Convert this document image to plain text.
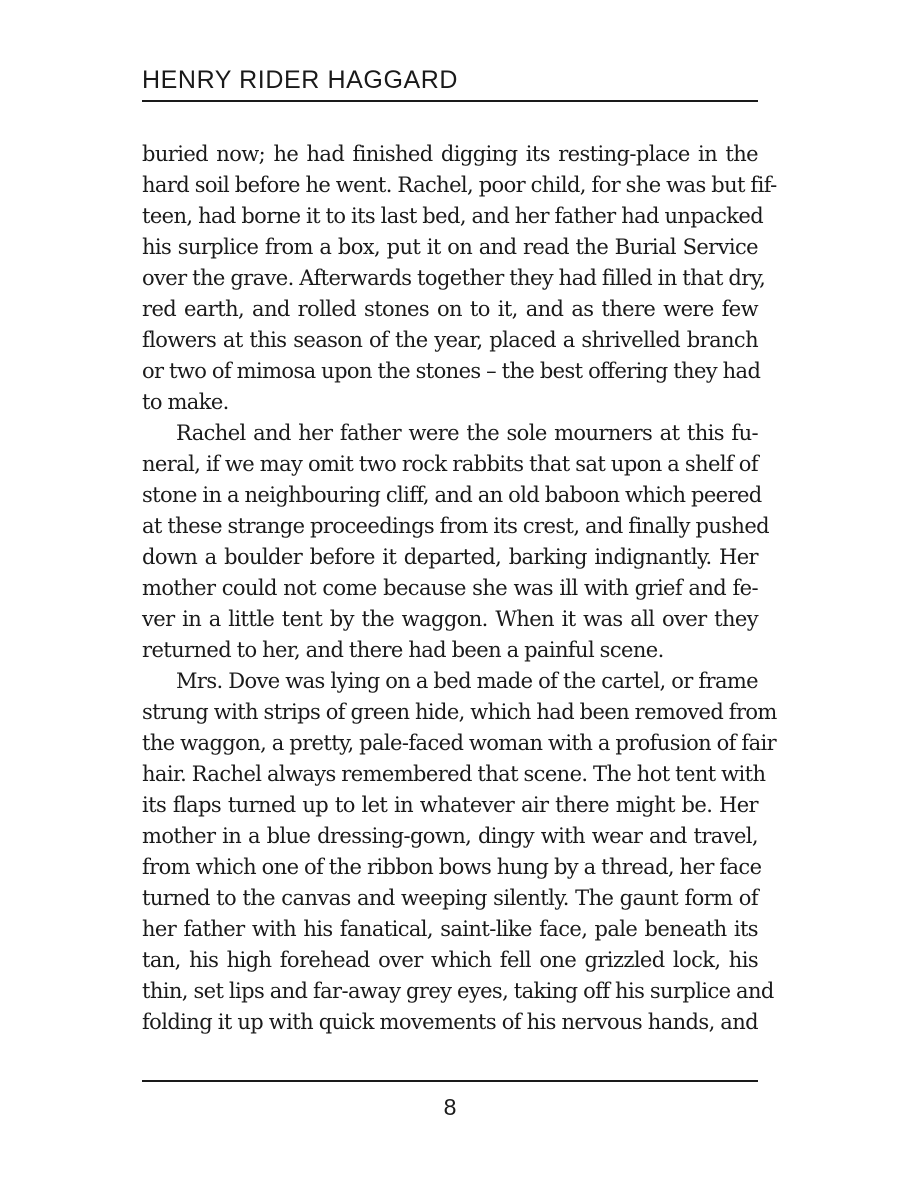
HENRY RIDER HAGGARD
buried now; he had finished digging its resting-place in the
hard soil before he went. Rachel, poor child, for she was but fif-
teen, had borne it to its last bed, and her father had unpacked
his surplice from a box, put it on and read the Burial Service
over the grave. Afterwards together they had filled in that dry,
red earth, and rolled stones on to it, and as there were few
flowers at this season of the year, placed a shrivelled branch
or two of mimosa upon the stones – the best offering they had
to make.
Rachel and her father were the sole mourners at this fu-
neral, if we may omit two rock rabbits that sat upon a shelf of
stone in a neighbouring cliff, and an old baboon which peered
at these strange proceedings from its crest, and finally pushed
down a boulder before it departed, barking indignantly. Her
mother could not come because she was ill with grief and fe-
ver in a little tent by the waggon. When it was all over they
returned to her, and there had been a painful scene.
Mrs. Dove was lying on a bed made of the cartel, or frame
strung with strips of green hide, which had been removed from
the waggon, a pretty, pale-faced woman with a profusion of fair
hair. Rachel always remembered that scene. The hot tent with
its flaps turned up to let in whatever air there might be. Her
mother in a blue dressing-gown, dingy with wear and travel,
from which one of the ribbon bows hung by a thread, her face
turned to the canvas and weeping silently. The gaunt form of
her father with his fanatical, saint-like face, pale beneath its
tan, his high forehead over which fell one grizzled lock, his
thin, set lips and far-away grey eyes, taking off his surplice and
folding it up with quick movements of his nervous hands, and
8
